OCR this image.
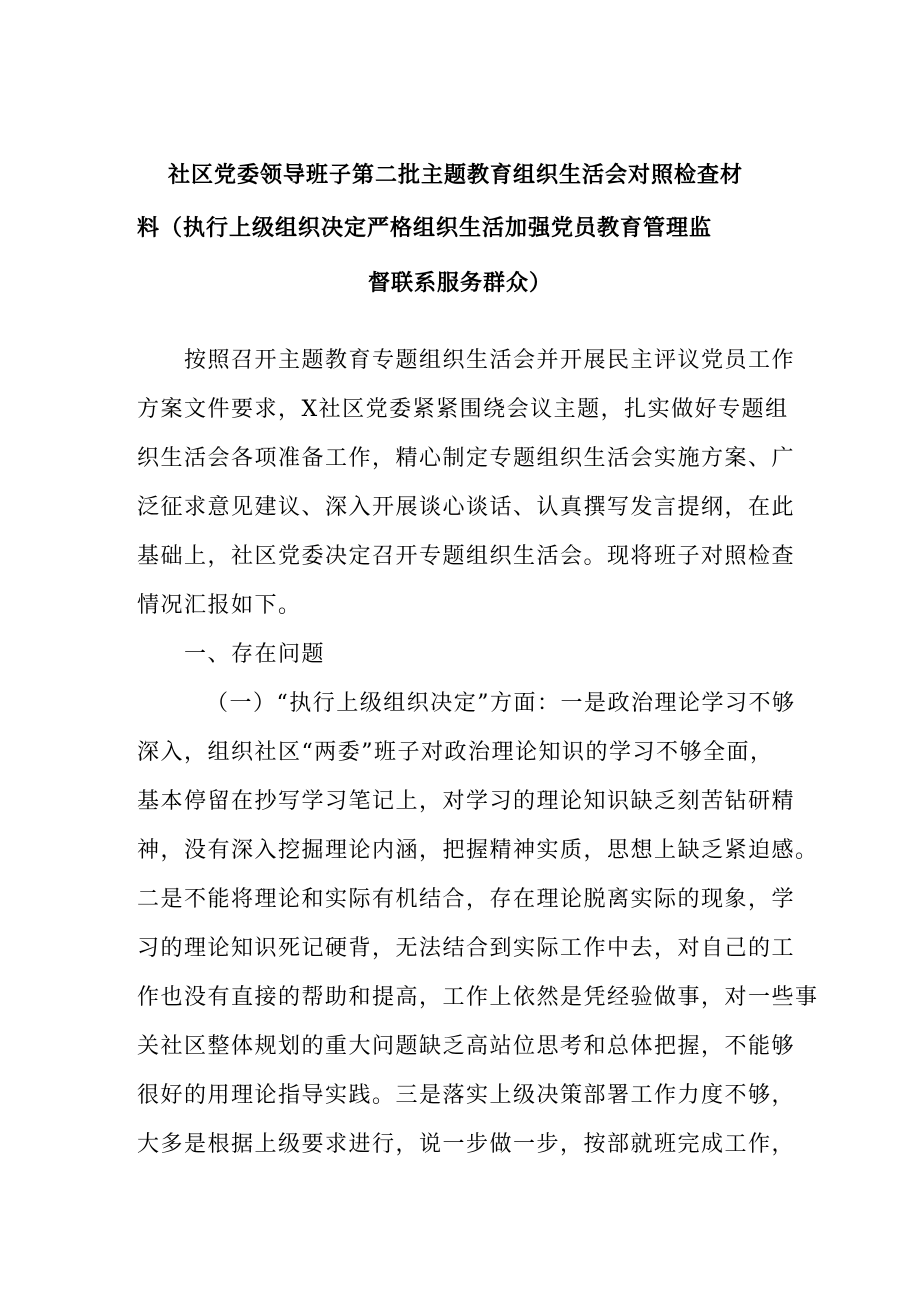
社区党委领导班子第二批主题教育组织生活会对照检查材

料（执行上级组织决定严格组织生活加强党员教育管理监

督联系服务群众）

按照召开主题教育专题组织生活会并开展民主评议党员工作

方案文件要求，X社区党委紧紧围绕会议主题，扎实做好专题组

织生活会各项准备工作，精心制定专题组织生活会实施方案、广

泛征求意见建议、深入开展谈心谈话、认真撰写发言提纲，在此

基础上，社区党委决定召开专题组织生活会。现将班子对照检查

情况汇报如下。

一、存在问题

（一）“执行上级组织决定”方面：一是政治理论学习不够

深入，组织社区“两委”班子对政治理论知识的学习不够全面，

基本停留在抄写学习笔记上，对学习的理论知识缺乏刻苦钻研精

神，没有深入挖掘理论内涵，把握精神实质，思想上缺乏紧迫感。

二是不能将理论和实际有机结合，存在理论脱离实际的现象，学

习的理论知识死记硬背，无法结合到实际工作中去，对自己的工

作也没有直接的帮助和提高，工作上依然是凭经验做事，对一些事

关社区整体规划的重大问题缺乏高站位思考和总体把握，不能够

很好的用理论指导实践。三是落实上级决策部署工作力度不够，

大多是根据上级要求进行，说一步做一步，按部就班完成工作，
